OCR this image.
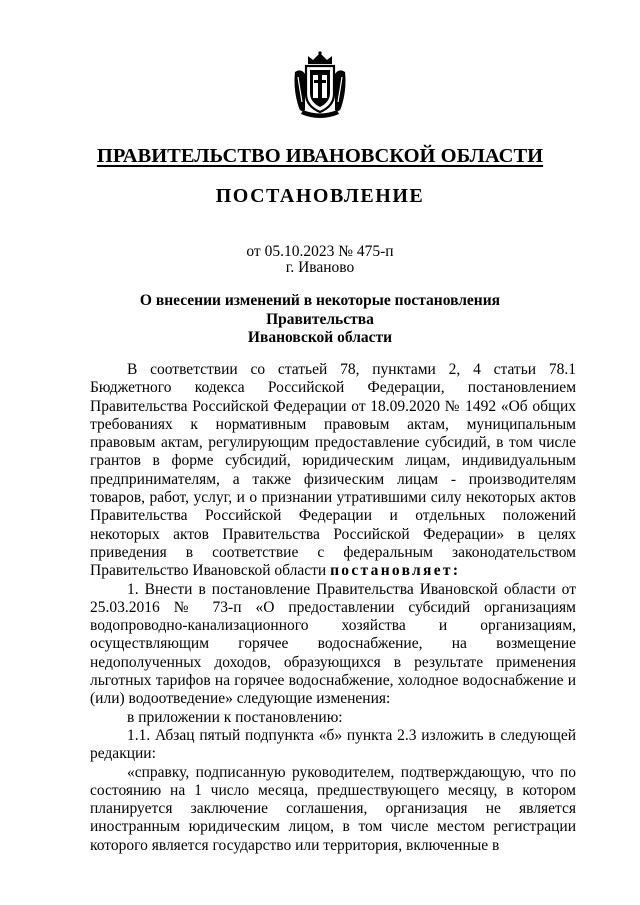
ПРАВИТЕЛЬСТВО ИВАНОВСКОЙ ОБЛАСТИ
ПОСТАНОВЛЕНИЕ
от 05.10.2023 № 475-п
г. Иваново
О внесении изменений в некоторые постановления Правительства
Ивановской области

В соответствии со статьей 78, пунктами 2, 4 статьи 78.1 Бюджетного кодекса Российской Федерации, постановлением Правительства Российской Федерации от 18.09.2020 № 1492 «Об общих требованиях к нормативным правовым актам, муниципальным правовым актам, регулирующим предоставление субсидий, в том числе грантов в форме субсидий, юридическим лицам, индивидуальным предпринимателям, а также физическим лицам - производителям товаров, работ, услуг, и о признании утратившими силу некоторых актов Правительства Российской Федерации и отдельных положений некоторых актов Правительства Российской Федерации» в целях приведения в соответствие с федеральным законодательством Правительство Ивановской области постановляет:

1. Внести в постановление Правительства Ивановской области от 25.03.2016 № 73-п «О предоставлении субсидий организациям водопроводно-канализационного хозяйства и организациям, осуществляющим горячее водоснабжение, на возмещение недополученных доходов, образующихся в результате применения льготных тарифов на горячее водоснабжение, холодное водоснабжение и (или) водоотведение» следующие изменения:

в приложении к постановлению:

1.1. Абзац пятый подпункта «б» пункта 2.3 изложить в следующей редакции:

«справку, подписанную руководителем, подтверждающую, что по состоянию на 1 число месяца, предшествующего месяцу, в котором планируется заключение соглашения, организация не является иностранным юридическим лицом, в том числе местом регистрации которого является государство или территория, включенные в
